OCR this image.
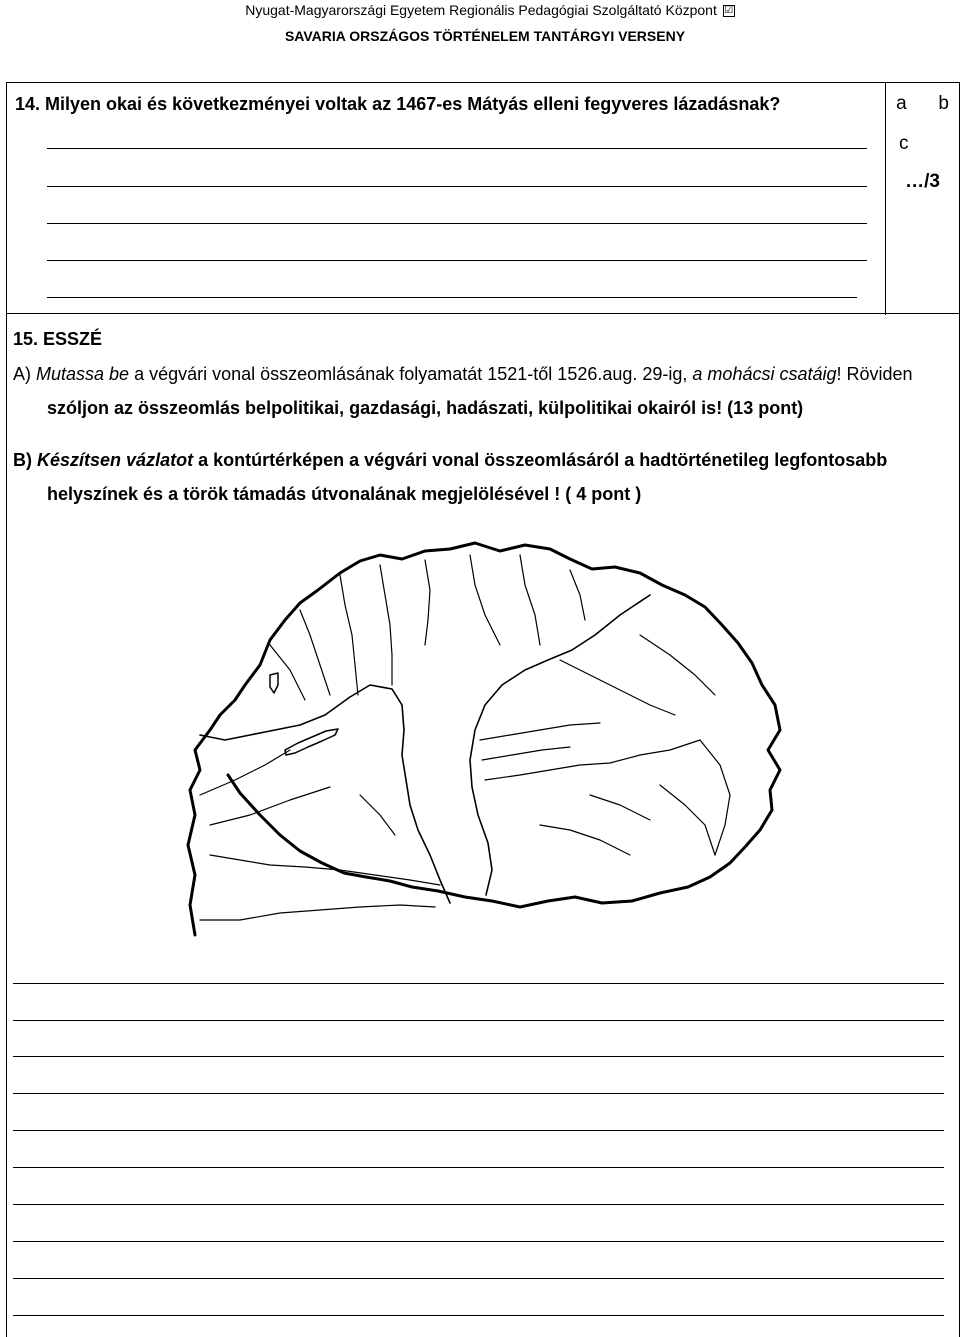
Nyugat-Magyarországi Egyetem Regionális Pedagógiai Szolgáltató Központ ☑
SAVARIA ORSZÁGOS TÖRTÉNELEM TANTÁRGYI VERSENY
14. Milyen okai és következményei voltak az 1467-es Mátyás elleni fegyveres lázadásnak?	a b
c
…/3
15. ESSZÉ
A) Mutassa be a végvári vonal összeomlásának folyamatát 1521-től 1526.aug. 29-ig, a mohácsi csatáig! Röviden
szóljon az összeomlás belpolitikai, gazdasági, hadászati, külpolitikai okairól is! (13 pont)
B) Készítsen vázlatot a kontúrtérképen a végvári vonal összeomlásáról a hadtörténetileg legfontosabb
helyszínek és a török támadás útvonalának megjelölésével ! ( 4 pont )
